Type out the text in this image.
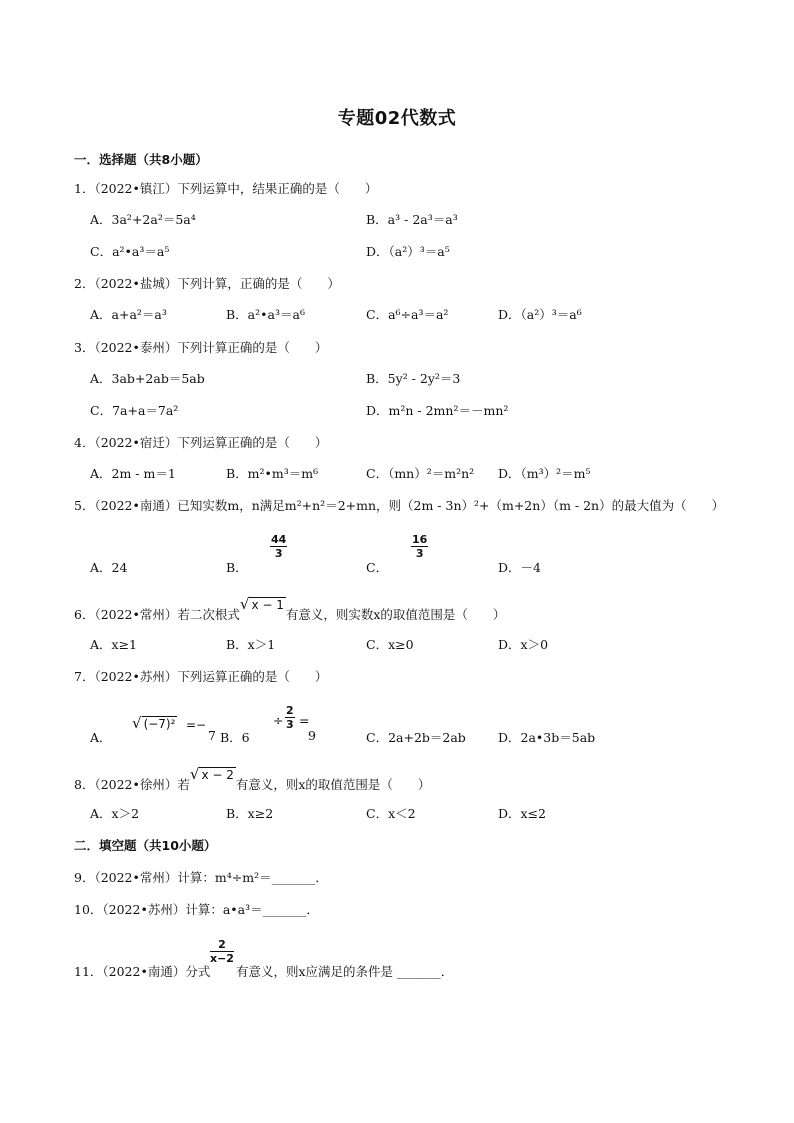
专题02代数式
一．选择题（共8小题）
1．（2022•镇江）下列运算中，结果正确的是（　　）
A．3a²+2a²＝5a⁴	B．a³ - 2a³＝a³
C．a²•a³＝a⁵	D．（a²）³＝a⁵
2．（2022•盐城）下列计算，正确的是（　　）
A．a+a²＝a³	B．a²•a³＝a⁶	C．a⁶÷a³＝a²	D．（a²）³＝a⁶
3．（2022•泰州）下列计算正确的是（　　）
A．3ab+2ab＝5ab	B．5y² - 2y²＝3
C．7a+a＝7a²	D．m²n - 2mn²＝－mn²
4．（2022•宿迁）下列运算正确的是（　　）
A．2m - m＝1	B．m²•m³＝m⁶	C．（mn）²＝m²n² D．（m³）²＝m⁵
5．（2022•南通）已知实数m，n满足m²+n²＝2+mn，则（2m - 3n）²+（m+2n）（m - 2n）的最大值为（　　）
A．24	B．
$\frac{44}{3}$
C．
$\frac{16}{3}$
D．－4
6．（2022•常州）若二次根式√ x − 1有意义，则实数x的取值范围是（　　）
A．x≥1	B．x＞1	C．x≥0	D．x＞0
7．（2022•苏州）下列运算正确的是（　　）
A．
√ (−7)² =−
7 B．6
÷ $\frac{2}{3}$ =
9	C．2a+2b＝2ab	D．2a•3b＝5ab
8．（2022•徐州）若√ x − 2有意义，则x的取值范围是（　　）
A．x＞2	B．x≥2	C．x＜2	D．x≤2
二．填空题（共10小题）
9．（2022•常州）计算：m⁴÷m²＝_______．
10．（2022•苏州）计算：a•a³＝_______．
11．（2022•南通）分式
$\frac{2}{x-2}$
有意义，则x应满足的条件是 _______．
